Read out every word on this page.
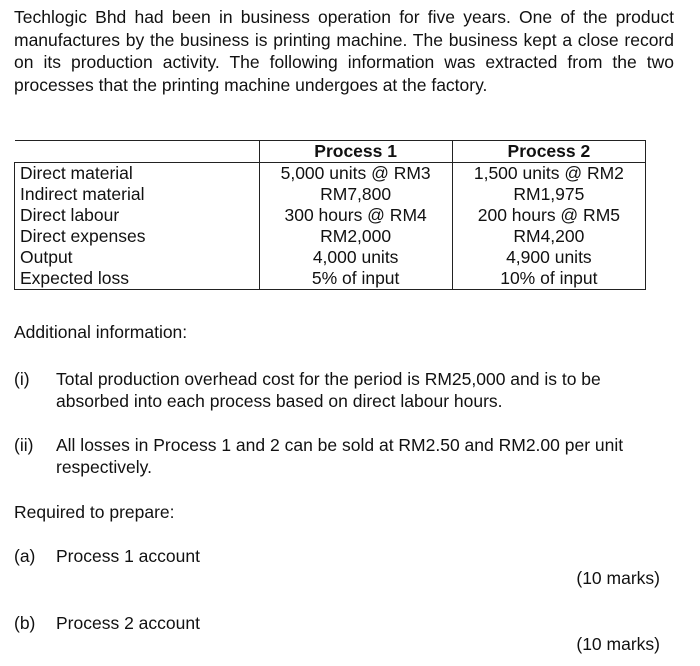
Techlogic Bhd had been in business operation for five years. One of the product manufactures by the business is printing machine. The business kept a close record on its production activity. The following information was extracted from the two processes that the printing machine undergoes at the factory.
	Process 1	Process 2
Direct material	5,000 units @ RM3	1,500 units @ RM2
Indirect material	RM7,800	RM1,975
Direct labour	300 hours @ RM4	200 hours @ RM5
Direct expenses	RM2,000	RM4,200
Output	4,000 units	4,900 units
Expected loss	5% of input	10% of input
Additional information:
(i) Total production overhead cost for the period is RM25,000 and is to be absorbed into each process based on direct labour hours.
(ii) All losses in Process 1 and 2 can be sold at RM2.50 and RM2.00 per unit respectively.
Required to prepare:
(a) Process 1 account
(10 marks)
(b) Process 2 account
(10 marks)
